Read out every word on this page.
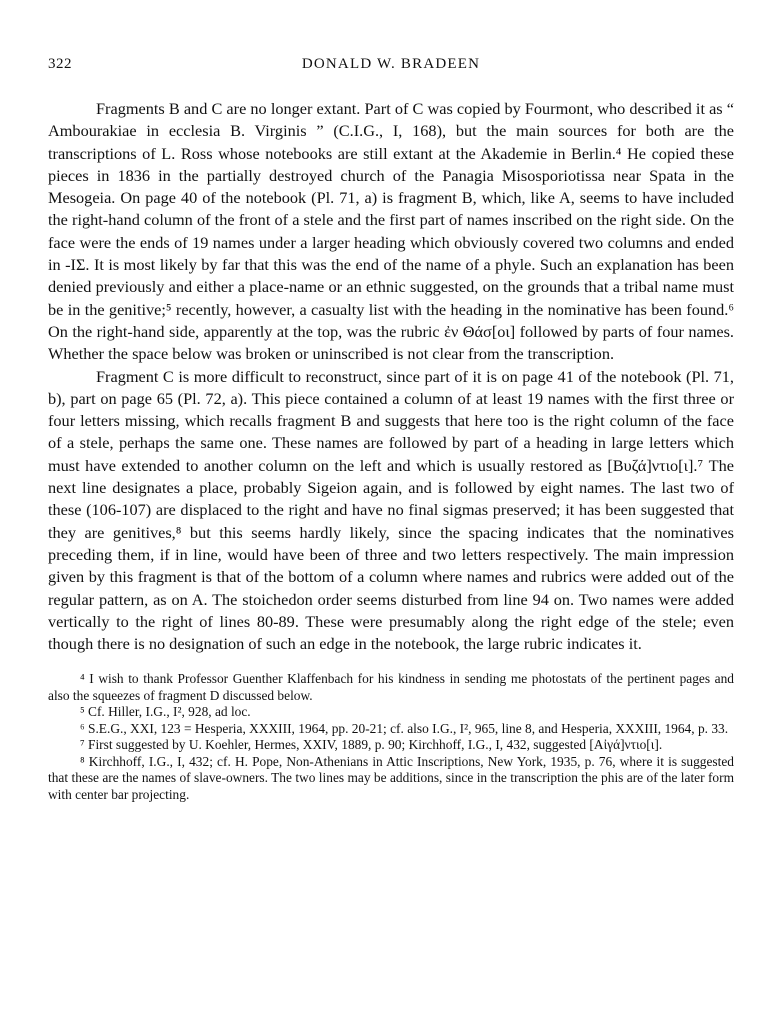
322	DONALD W. BRADEEN

Fragments B and C are no longer extant. Part of C was copied by Fourmont, who described it as “ Ambourakiae in ecclesia B. Virginis ” (C.I.G., I, 168), but the main sources for both are the transcriptions of L. Ross whose notebooks are still extant at the Akademie in Berlin.⁴ He copied these pieces in 1836 in the partially destroyed church of the Panagia Misosporiotissa near Spata in the Mesogeia. On page 40 of the notebook (Pl. 71, a) is fragment B, which, like A, seems to have included the right-hand column of the front of a stele and the first part of names inscribed on the right side. On the face were the ends of 19 names under a larger heading which obviously covered two columns and ended in -IΣ. It is most likely by far that this was the end of the name of a phyle. Such an explanation has been denied previously and either a place-name or an ethnic suggested, on the grounds that a tribal name must be in the genitive;⁵ recently, however, a casualty list with the heading in the nominative has been found.⁶ On the right-hand side, apparently at the top, was the rubric ἐν Θάσ[οι] followed by parts of four names. Whether the space below was broken or uninscribed is not clear from the transcription.

Fragment C is more difficult to reconstruct, since part of it is on page 41 of the notebook (Pl. 71, b), part on page 65 (Pl. 72, a). This piece contained a column of at least 19 names with the first three or four letters missing, which recalls fragment B and suggests that here too is the right column of the face of a stele, perhaps the same one. These names are followed by part of a heading in large letters which must have extended to another column on the left and which is usually restored as [Βυζά]ντιο[ι].⁷ The next line designates a place, probably Sigeion again, and is followed by eight names. The last two of these (106-107) are displaced to the right and have no final sigmas preserved; it has been suggested that they are genitives,⁸ but this seems hardly likely, since the spacing indicates that the nominatives preceding them, if in line, would have been of three and two letters respectively. The main impression given by this fragment is that of the bottom of a column where names and rubrics were added out of the regular pattern, as on A. The stoichedon order seems disturbed from line 94 on. Two names were added vertically to the right of lines 80-89. These were presumably along the right edge of the stele; even though there is no designation of such an edge in the notebook, the large rubric indicates it.

⁴ I wish to thank Professor Guenther Klaffenbach for his kindness in sending me photostats of the pertinent pages and also the squeezes of fragment D discussed below.

⁵ Cf. Hiller, I.G., I², 928, ad loc.

⁶ S.E.G., XXI, 123 = Hesperia, XXXIII, 1964, pp. 20-21; cf. also I.G., I², 965, line 8, and Hesperia, XXXIII, 1964, p. 33.

⁷ First suggested by U. Koehler, Hermes, XXIV, 1889, p. 90; Kirchhoff, I.G., I, 432, suggested [Αἰγά]ντιο[ι].

⁸ Kirchhoff, I.G., I, 432; cf. H. Pope, Non-Athenians in Attic Inscriptions, New York, 1935, p. 76, where it is suggested that these are the names of slave-owners. The two lines may be additions, since in the transcription the phis are of the later form with center bar projecting.
